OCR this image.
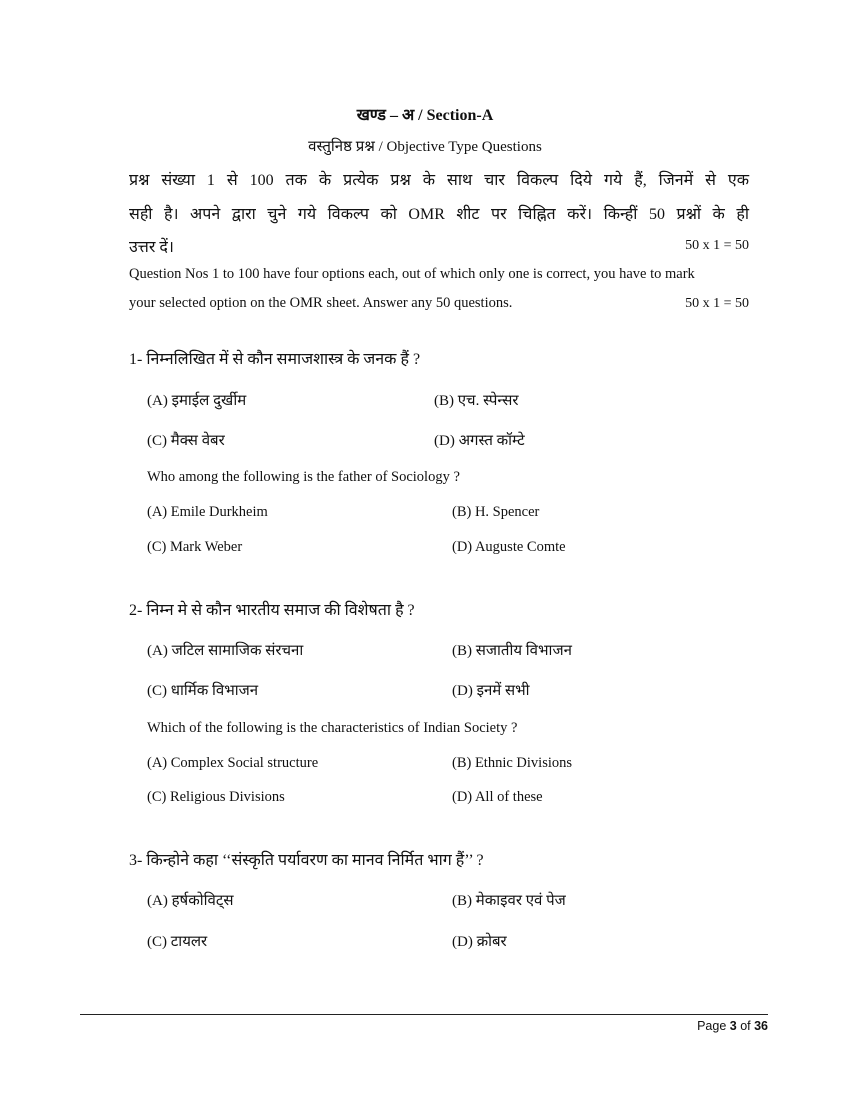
खण्ड – अ / Section-A
वस्तुनिष्ठ प्रश्न / Objective Type Questions
प्रश्न संख्या 1 से 100 तक के प्रत्येक प्रश्न के साथ चार विकल्प दिये गये हैं, जिनमें से एक
सही है। अपने द्वारा चुने गये विकल्प को OMR शीट पर चिह्नित करें। किन्हीं 50 प्रश्नों के ही
उत्तर दें।	50 x 1 = 50
Question Nos 1 to 100 have four options each, out of which only one is correct, you have to mark
your selected option on the OMR sheet. Answer any 50 questions.	50 x 1 = 50
1- निम्नलिखित में से कौन समाजशास्त्र के जनक हैं ?
(A) इमाईल दुर्खीम	(B) एच. स्पेन्सर
(C) मैक्स वेबर	(D) अगस्त कॉम्टे
Who among the following is the father of Sociology ?
(A) Emile Durkheim	(B) H. Spencer
(C) Mark Weber	(D) Auguste Comte
2- निम्न मे से कौन भारतीय समाज की विशेषता है ?
(A) जटिल सामाजिक संरचना	(B) सजातीय विभाजन
(C) धार्मिक विभाजन	(D) इनमें सभी
Which of the following is the characteristics of Indian Society ?
(A) Complex Social structure	(B) Ethnic Divisions
(C) Religious Divisions	(D) All of these
3- किन्होने कहा ‘‘संस्कृति पर्यावरण का मानव निर्मित भाग हैं’’ ?
(A) हर्षकोविट्स	(B) मेकाइवर एवं पेज
(C) टायलर	(D) क्रोबर
Page 3 of 36
